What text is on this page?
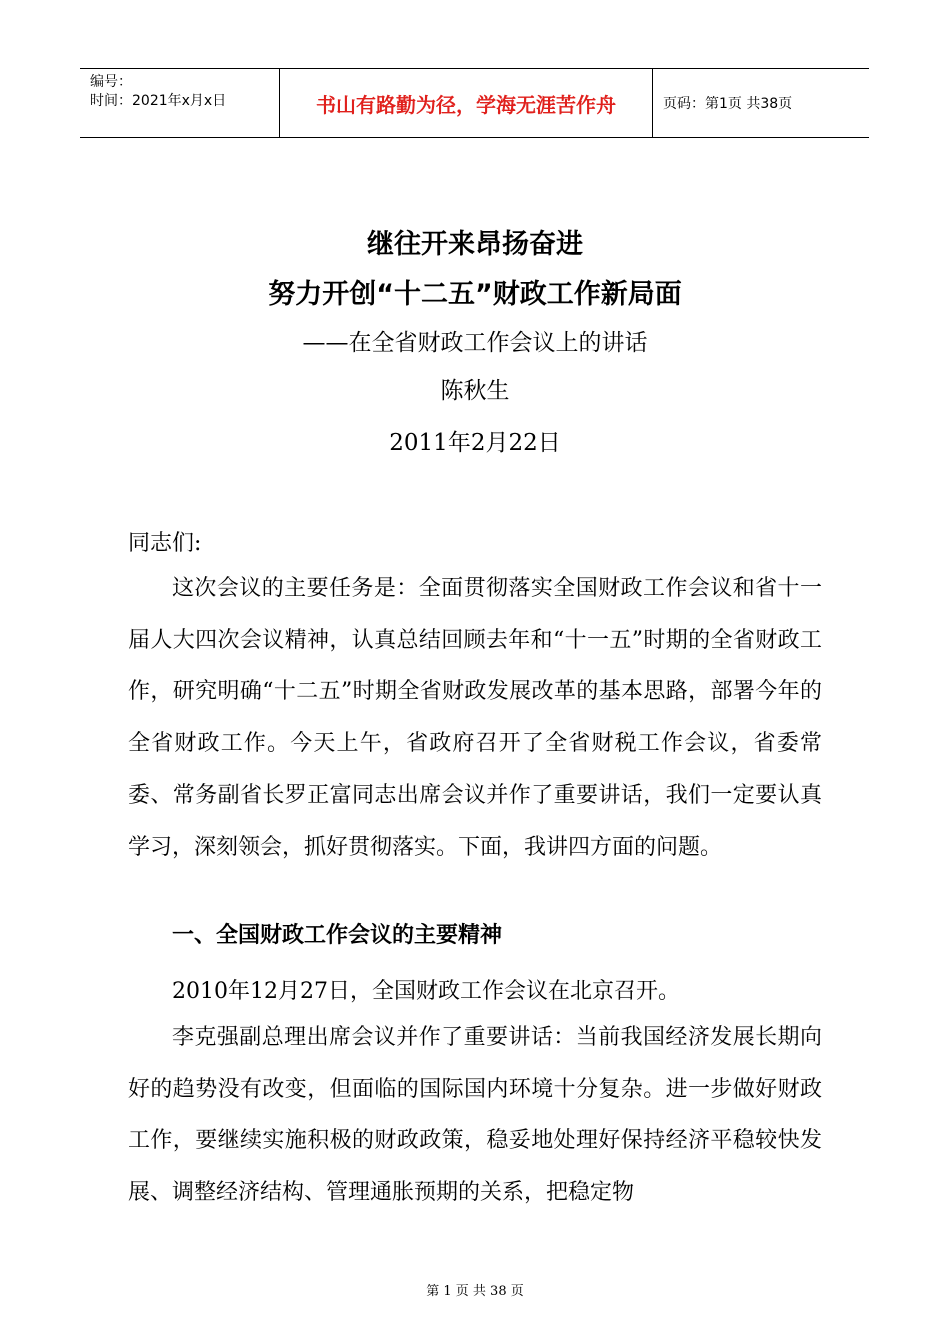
编号：
时间：2021年x月x日	书山有路勤为径，学海无涯苦作舟	页码：第1页 共38页
继往开来昂扬奋进
努力开创“十二五”财政工作新局面
——在全省财政工作会议上的讲话
陈秋生
2011年2月22日
同志们:
这次会议的主要任务是：全面贯彻落实全国财政工作会议和省十一届人大四次会议精神，认真总结回顾去年和“十一五”时期的全省财政工作，研究明确“十二五”时期全省财政发展改革的基本思路，部署今年的全省财政工作。今天上午，省政府召开了全省财税工作会议，省委常委、常务副省长罗正富同志出席会议并作了重要讲话，我们一定要认真学习，深刻领会，抓好贯彻落实。下面，我讲四方面的问题。
一、全国财政工作会议的主要精神
2010年12月27日，全国财政工作会议在北京召开。
李克强副总理出席会议并作了重要讲话：当前我国经济发展长期向好的趋势没有改变，但面临的国际国内环境十分复杂。进一步做好财政工作，要继续实施积极的财政政策，稳妥地处理好保持经济平稳较快发展、调整经济结构、管理通胀预期的关系，把稳定物
第 1 页 共 38 页
